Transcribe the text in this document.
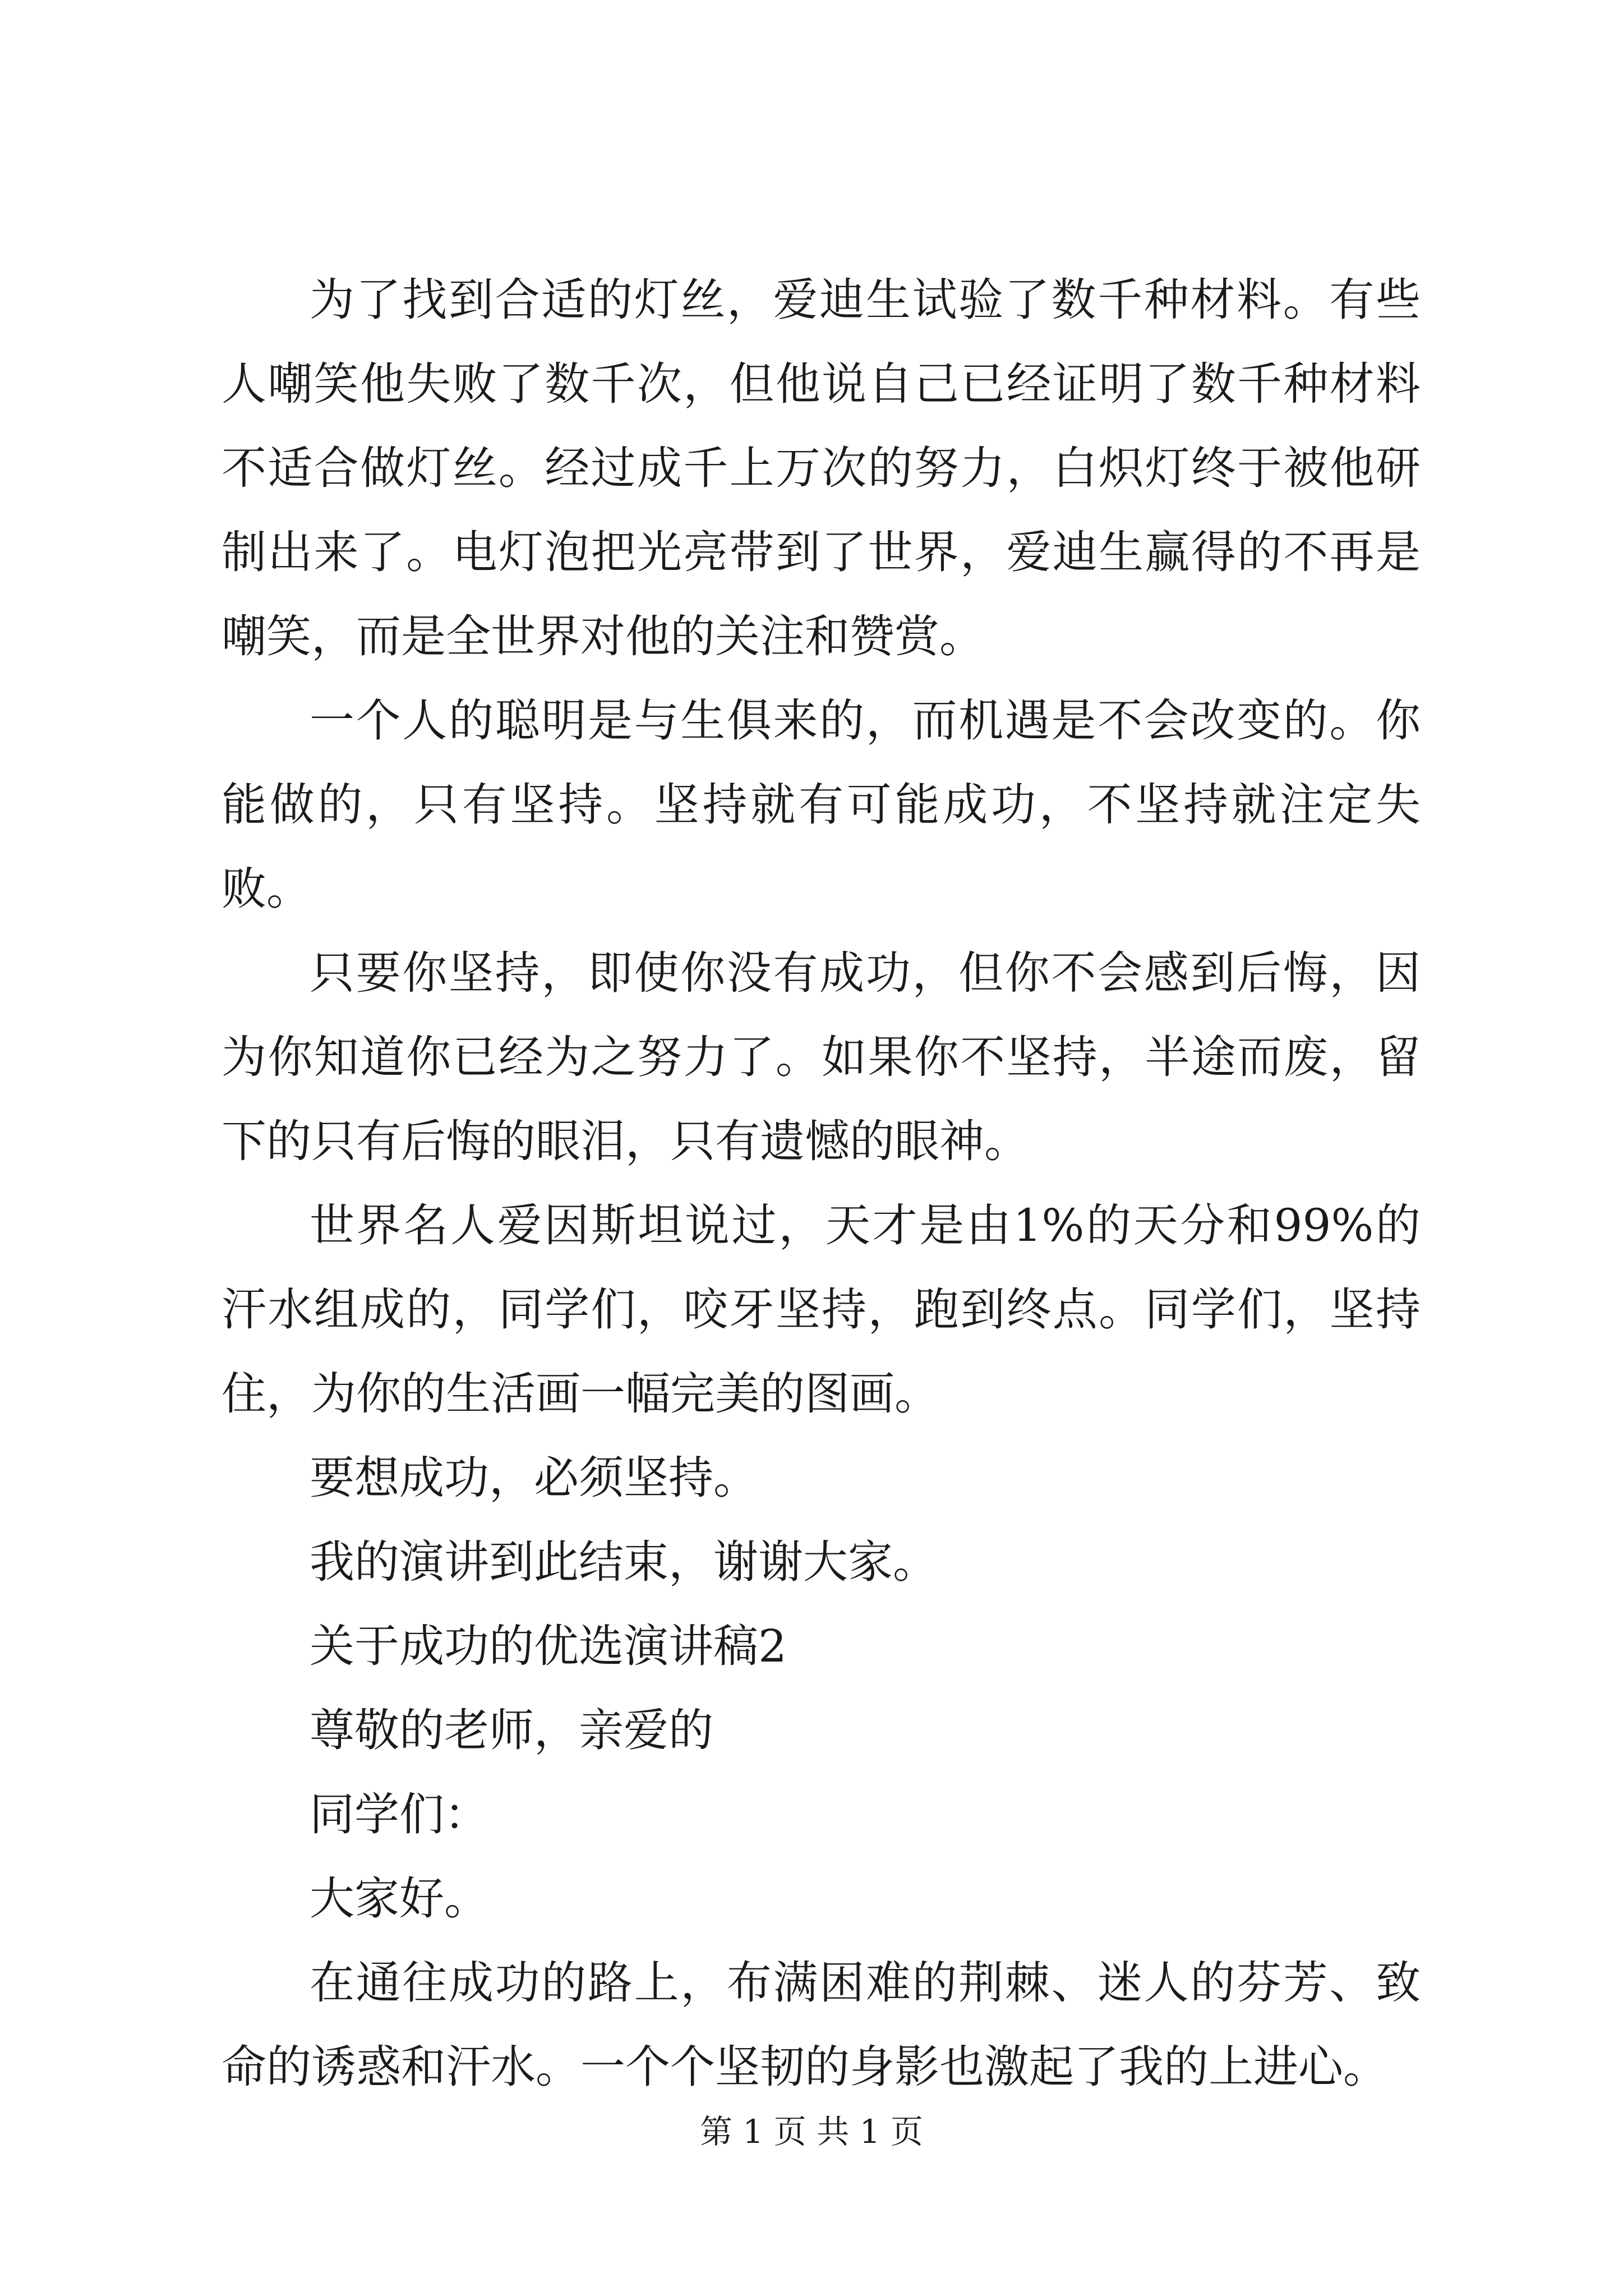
为了找到合适的灯丝，爱迪生试验了数千种材料。有些人嘲笑他失败了数千次，但他说自己已经证明了数千种材料不适合做灯丝。经过成千上万次的努力，白炽灯终于被他研制出来了。电灯泡把光亮带到了世界，爱迪生赢得的不再是嘲笑，而是全世界对他的关注和赞赏。

一个人的聪明是与生俱来的，而机遇是不会改变的。你能做的，只有坚持。坚持就有可能成功，不坚持就注定失败。

只要你坚持，即使你没有成功，但你不会感到后悔，因为你知道你已经为之努力了。如果你不坚持，半途而废，留下的只有后悔的眼泪，只有遗憾的眼神。

世界名人爱因斯坦说过，天才是由1%的天分和99%的汗水组成的，同学们，咬牙坚持，跑到终点。同学们，坚持住，为你的生活画一幅完美的图画。

要想成功，必须坚持。

我的演讲到此结束，谢谢大家。

关于成功的优选演讲稿2

尊敬的老师，亲爱的

同学们：

大家好。

在通往成功的路上，布满困难的荆棘、迷人的芬芳、致命的诱惑和汗水。一个个坚韧的身影也激起了我的上进心。

第 1 页 共 1 页
